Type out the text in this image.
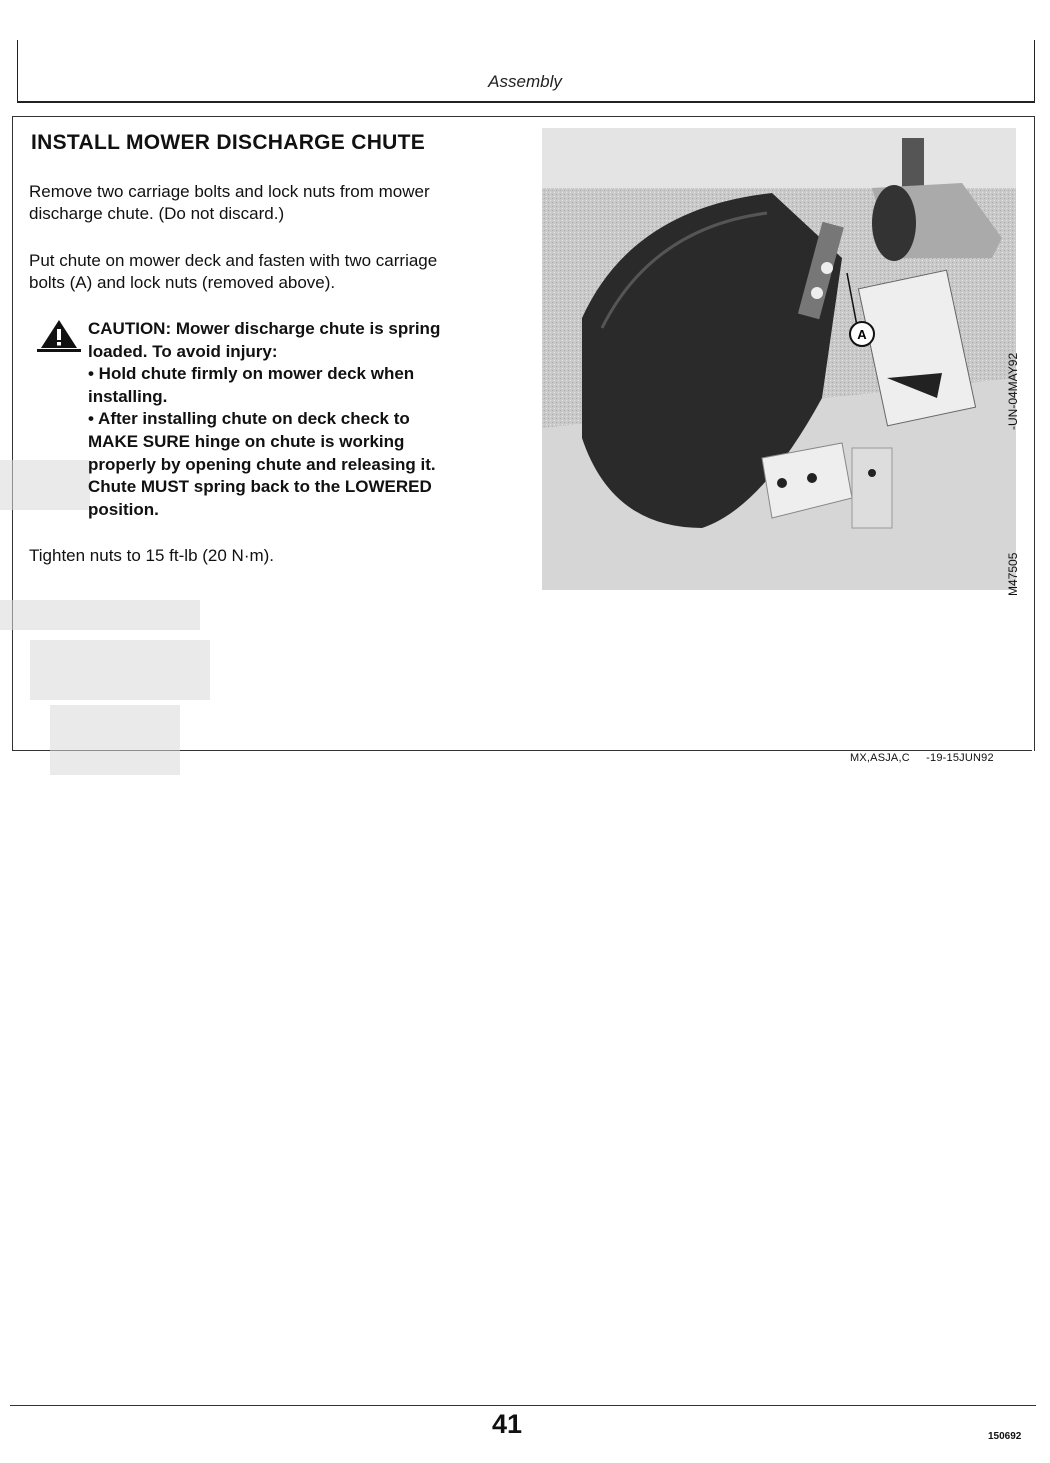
Assembly
INSTALL MOWER DISCHARGE CHUTE
Remove two carriage bolts and lock nuts from mower
discharge chute. (Do not discard.)
Put chute on mower deck and fasten with two carriage
bolts (A) and lock nuts (removed above).
CAUTION: Mower discharge chute is spring
loaded. To avoid injury:
• Hold chute firmly on mower deck when
installing.
• After installing chute on deck check to
MAKE SURE hinge on chute is working
properly by opening chute and releasing it.
Chute MUST spring back to the LOWERED
position.
Tighten nuts to 15 ft-lb (20 N·m).
A
-UN-04MAY92
M47505
MX,ASJA,C     -19-15JUN92
41	150692
